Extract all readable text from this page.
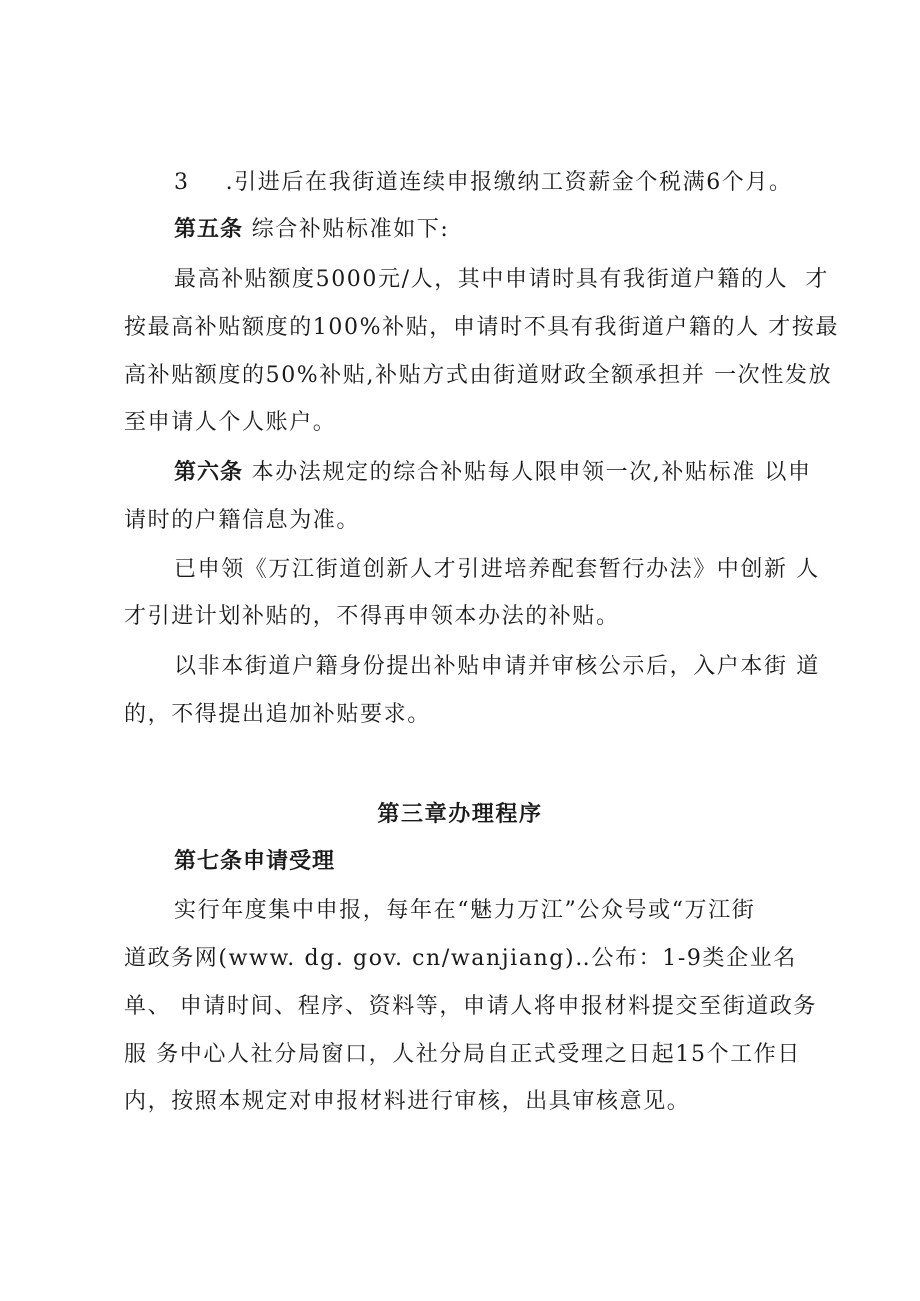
3 .引进后在我街道连续申报缴纳工资薪金个税满6个月。
第五条 综合补贴标准如下:
最高补贴额度5000元/人，其中申请时具有我街道户籍的人  才
按最高补贴额度的100%补贴，申请时不具有我街道户籍的人 才按最
高补贴额度的50%补贴,补贴方式由街道财政全额承担并 一次性发放
至申请人个人账户。
第六条 本办法规定的综合补贴每人限申领一次,补贴标准 以申
请时的户籍信息为准。
已申领《万江街道创新人才引进培养配套暂行办法》中创新 人
才引进计划补贴的，不得再申领本办法的补贴。
以非本街道户籍身份提出补贴申请并审核公示后，入户本街 道
的，不得提出追加补贴要求。
第三章办理程序
第七条申请受理
实行年度集中申报，每年在“魅力万江”公众号或“万江街
道政务网(www. dg. gov. cn/wanjiang)‥公布：1-9类企业名
单、 申请时间、程序、资料等，申请人将申报材料提交至街道政务
服 务中心人社分局窗口，人社分局自正式受理之日起15个工作日
内，按照本规定对申报材料进行审核，出具审核意见。
